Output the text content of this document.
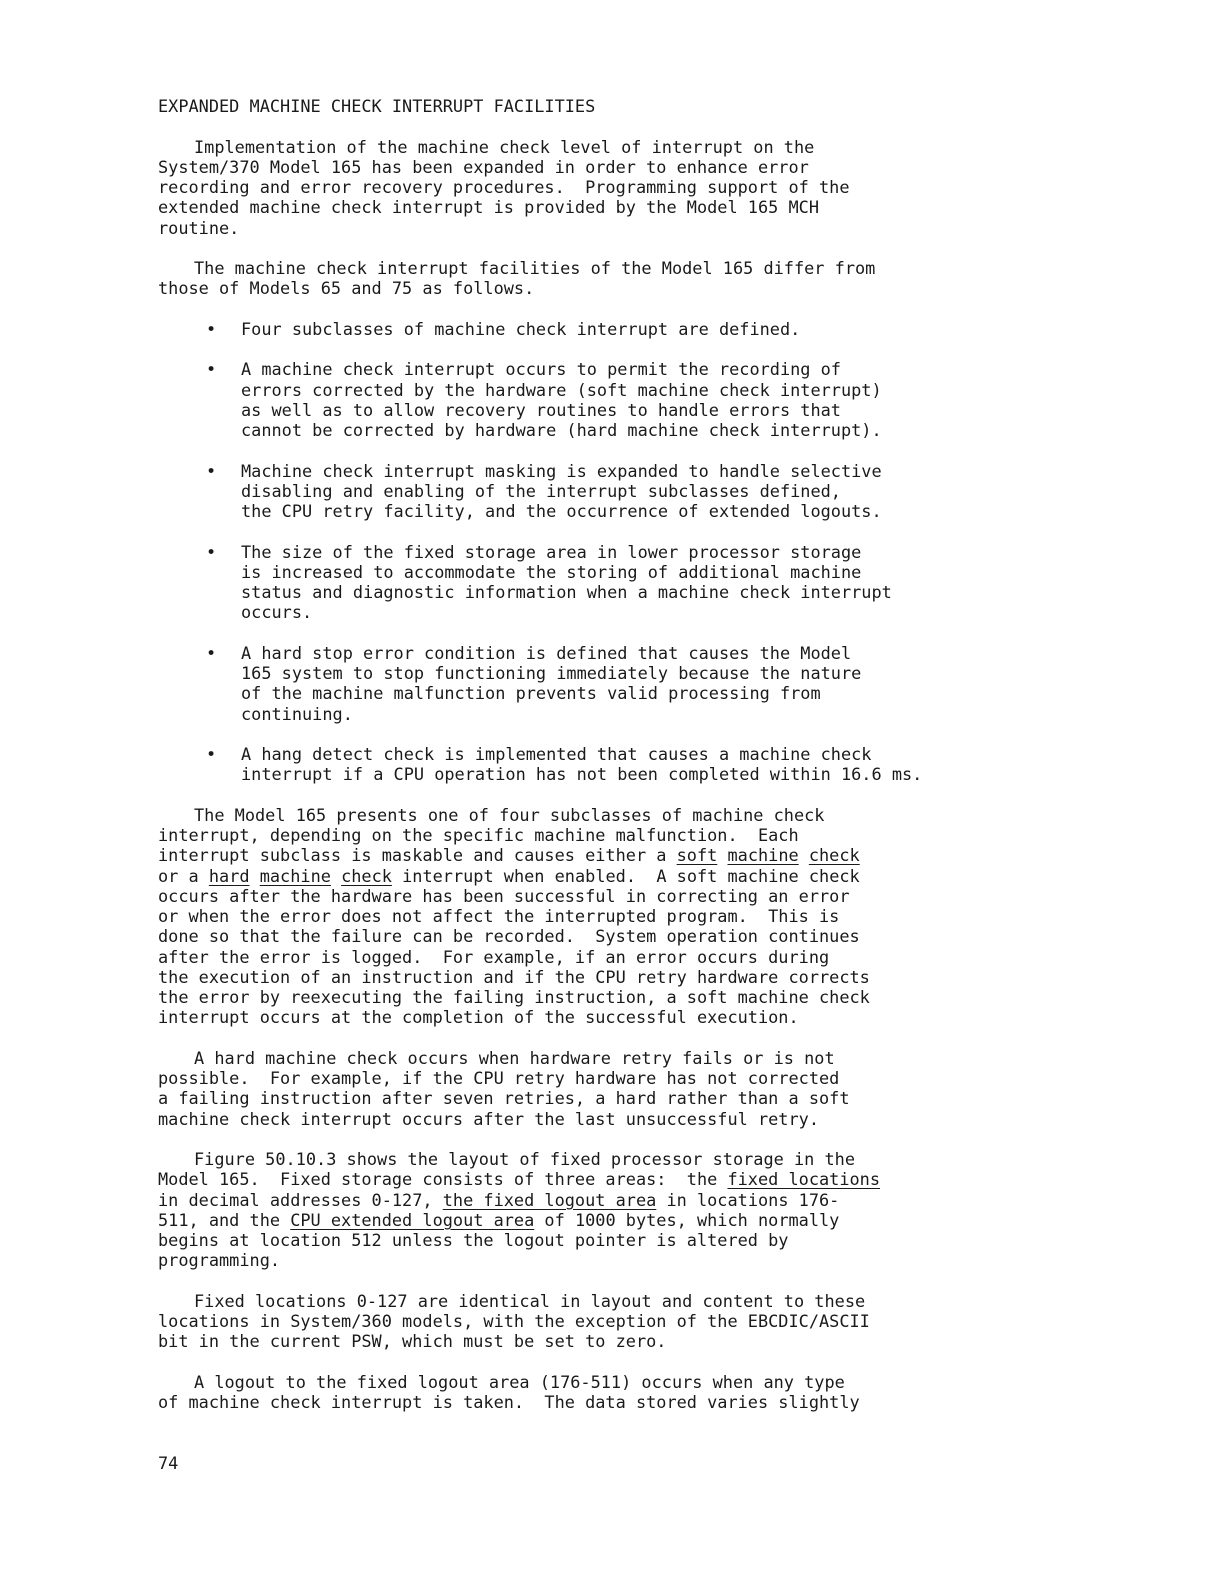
EXPANDED MACHINE CHECK INTERRUPT FACILITIES
Implementation of the machine check level of interrupt on the
System/370 Model 165 has been expanded in order to enhance error
recording and error recovery procedures.  Programming support of the
extended machine check interrupt is provided by the Model 165 MCH
routine.
The machine check interrupt facilities of the Model 165 differ from
those of Models 65 and 75 as follows.
• Four subclasses of machine check interrupt are defined.
• A machine check interrupt occurs to permit the recording of
errors corrected by the hardware (soft machine check interrupt)
as well as to allow recovery routines to handle errors that
cannot be corrected by hardware (hard machine check interrupt).
• Machine check interrupt masking is expanded to handle selective
disabling and enabling of the interrupt subclasses defined,
the CPU retry facility, and the occurrence of extended logouts.
• The size of the fixed storage area in lower processor storage
is increased to accommodate the storing of additional machine
status and diagnostic information when a machine check interrupt
occurs.
• A hard stop error condition is defined that causes the Model
165 system to stop functioning immediately because the nature
of the machine malfunction prevents valid processing from
continuing.
• A hang detect check is implemented that causes a machine check
interrupt if a CPU operation has not been completed within 16.6 ms.
The Model 165 presents one of four subclasses of machine check
interrupt, depending on the specific machine malfunction.  Each
interrupt subclass is maskable and causes either a soft machine check
or a hard machine check interrupt when enabled.  A soft machine check
occurs after the hardware has been successful in correcting an error
or when the error does not affect the interrupted program.  This is
done so that the failure can be recorded.  System operation continues
after the error is logged.  For example, if an error occurs during
the execution of an instruction and if the CPU retry hardware corrects
the error by reexecuting the failing instruction, a soft machine check
interrupt occurs at the completion of the successful execution.
A hard machine check occurs when hardware retry fails or is not
possible.  For example, if the CPU retry hardware has not corrected
a failing instruction after seven retries, a hard rather than a soft
machine check interrupt occurs after the last unsuccessful retry.
Figure 50.10.3 shows the layout of fixed processor storage in the
Model 165.  Fixed storage consists of three areas:  the fixed locations
in decimal addresses 0-127, the fixed logout area in locations 176-
511, and the CPU extended logout area of 1000 bytes, which normally
begins at location 512 unless the logout pointer is altered by
programming.
Fixed locations 0-127 are identical in layout and content to these
locations in System/360 models, with the exception of the EBCDIC/ASCII
bit in the current PSW, which must be set to zero.
A logout to the fixed logout area (176-511) occurs when any type
of machine check interrupt is taken.  The data stored varies slightly
74
